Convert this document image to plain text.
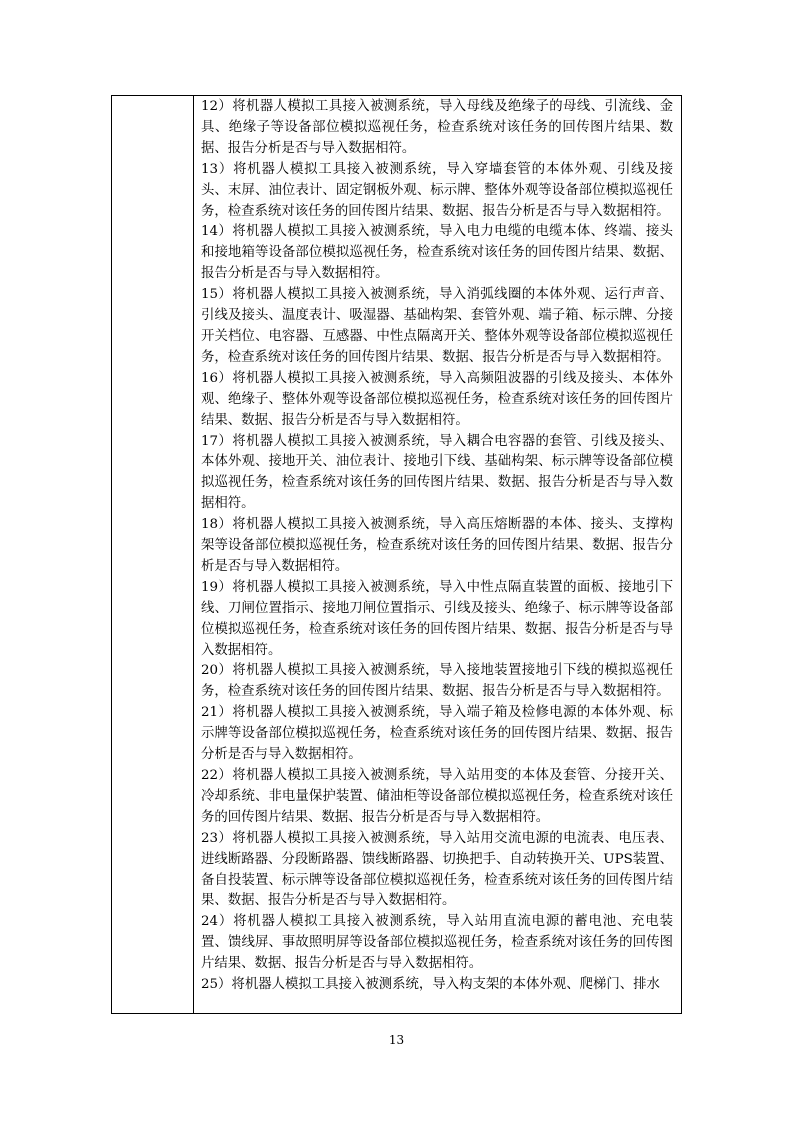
12）将机器人模拟工具接入被测系统，导入母线及绝缘子的母线、引流线、金具、绝缘子等设备部位模拟巡视任务，检查系统对该任务的回传图片结果、数据、报告分析是否与导入数据相符。

13）将机器人模拟工具接入被测系统，导入穿墙套管的本体外观、引线及接头、末屏、油位表计、固定钢板外观、标示牌、整体外观等设备部位模拟巡视任务，检查系统对该任务的回传图片结果、数据、报告分析是否与导入数据相符。

14）将机器人模拟工具接入被测系统，导入电力电缆的电缆本体、终端、接头和接地箱等设备部位模拟巡视任务，检查系统对该任务的回传图片结果、数据、报告分析是否与导入数据相符。

15）将机器人模拟工具接入被测系统，导入消弧线圈的本体外观、运行声音、引线及接头、温度表计、吸湿器、基础构架、套管外观、端子箱、标示牌、分接开关档位、电容器、互感器、中性点隔离开关、整体外观等设备部位模拟巡视任务，检查系统对该任务的回传图片结果、数据、报告分析是否与导入数据相符。

16）将机器人模拟工具接入被测系统，导入高频阻波器的引线及接头、本体外观、绝缘子、整体外观等设备部位模拟巡视任务，检查系统对该任务的回传图片结果、数据、报告分析是否与导入数据相符。

17）将机器人模拟工具接入被测系统，导入耦合电容器的套管、引线及接头、本体外观、接地开关、油位表计、接地引下线、基础构架、标示牌等设备部位模拟巡视任务，检查系统对该任务的回传图片结果、数据、报告分析是否与导入数据相符。

18）将机器人模拟工具接入被测系统，导入高压熔断器的本体、接头、支撑构架等设备部位模拟巡视任务，检查系统对该任务的回传图片结果、数据、报告分析是否与导入数据相符。

19）将机器人模拟工具接入被测系统，导入中性点隔直装置的面板、接地引下线、刀闸位置指示、接地刀闸位置指示、引线及接头、绝缘子、标示牌等设备部位模拟巡视任务，检查系统对该任务的回传图片结果、数据、报告分析是否与导入数据相符。

20）将机器人模拟工具接入被测系统，导入接地装置接地引下线的模拟巡视任务，检查系统对该任务的回传图片结果、数据、报告分析是否与导入数据相符。

21）将机器人模拟工具接入被测系统，导入端子箱及检修电源的本体外观、标示牌等设备部位模拟巡视任务，检查系统对该任务的回传图片结果、数据、报告分析是否与导入数据相符。

22）将机器人模拟工具接入被测系统，导入站用变的本体及套管、分接开关、冷却系统、非电量保护装置、储油柜等设备部位模拟巡视任务，检查系统对该任务的回传图片结果、数据、报告分析是否与导入数据相符。

23）将机器人模拟工具接入被测系统，导入站用交流电源的电流表、电压表、进线断路器、分段断路器、馈线断路器、切换把手、自动转换开关、UPS装置、备自投装置、标示牌等设备部位模拟巡视任务，检查系统对该任务的回传图片结果、数据、报告分析是否与导入数据相符。

24）将机器人模拟工具接入被测系统，导入站用直流电源的蓄电池、充电装置、馈线屏、事故照明屏等设备部位模拟巡视任务，检查系统对该任务的回传图片结果、数据、报告分析是否与导入数据相符。

25）将机器人模拟工具接入被测系统，导入构支架的本体外观、爬梯门、排水

13
